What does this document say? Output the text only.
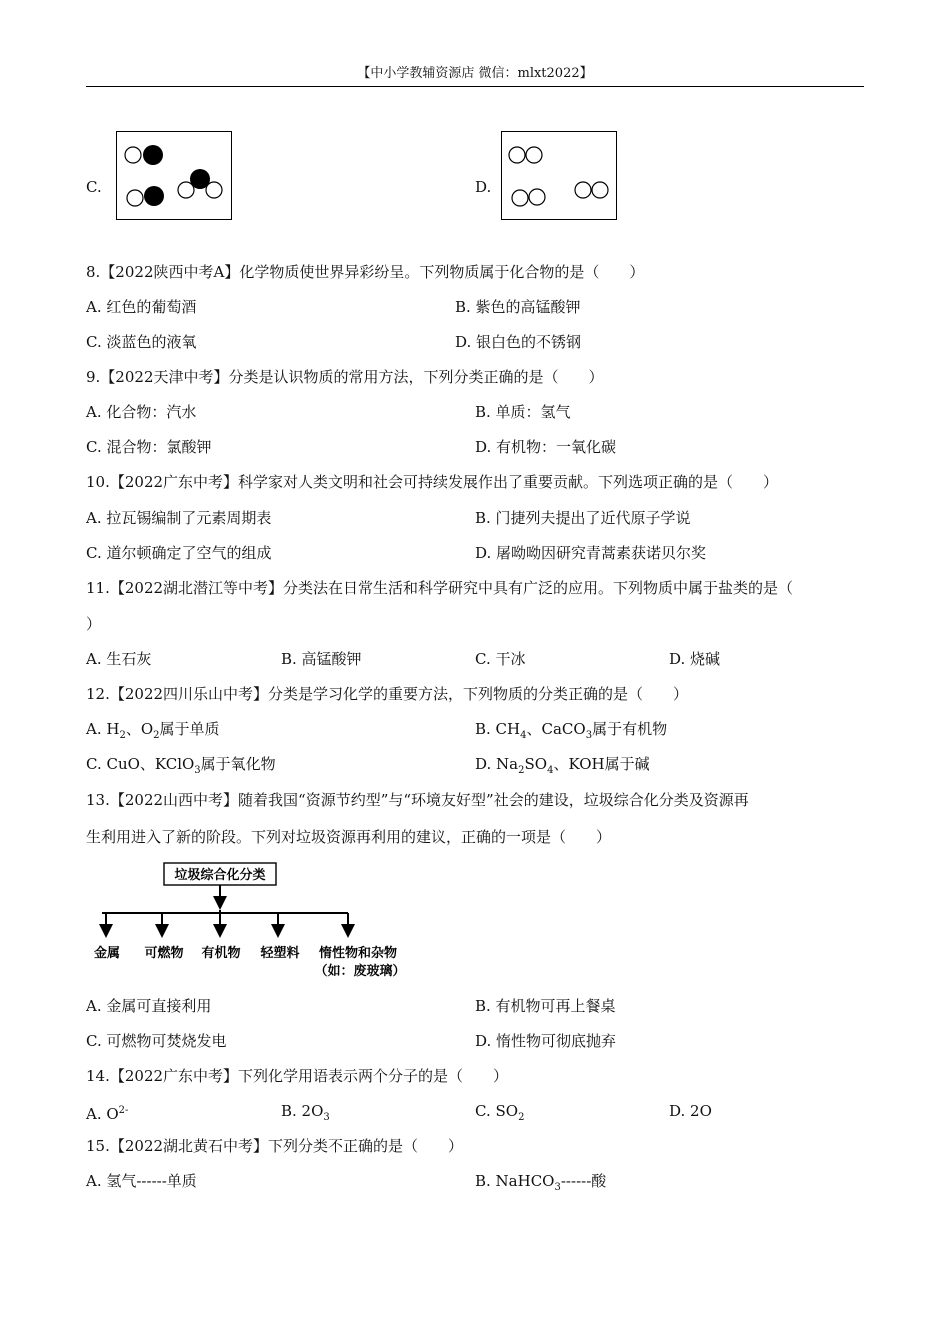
【中小学教辅资源店 微信：mlxt2022】
C.	D.
8.【2022陕西中考A】化学物质使世界异彩纷呈。下列物质属于化合物的是（　　）
A. 红色的葡萄酒	B. 紫色的高锰酸钾
C. 淡蓝色的液氧	D. 银白色的不锈钢
9.【2022天津中考】分类是认识物质的常用方法，下列分类正确的是（　　）
A. 化合物：汽水	B. 单质：氢气
C. 混合物：氯酸钾	D. 有机物：一氧化碳
10.【2022广东中考】科学家对人类文明和社会可持续发展作出了重要贡献。下列选项正确的是（　　）
A. 拉瓦锡编制了元素周期表	B. 门捷列夫提出了近代原子学说
C. 道尔顿确定了空气的组成	D. 屠呦呦因研究青蒿素获诺贝尔奖
11.【2022湖北潜江等中考】分类法在日常生活和科学研究中具有广泛的应用。下列物质中属于盐类的是（
）
A. 生石灰	B. 高锰酸钾	C. 干冰	D. 烧碱
12.【2022四川乐山中考】分类是学习化学的重要方法，下列物质的分类正确的是（　　）
A. $H_2$、$O_2$属于单质	B. $CH_4$、CaCO$_3$属于有机物
C. CuO、KClO$_3$属于氧化物	D. $Na_2SO_4$、KOH属于碱
13.【2022山西中考】随着我国“资源节约型”与“环境友好型”社会的建设，垃圾综合化分类及资源再
生利用进入了新的阶段。下列对垃圾资源再利用的建议，正确的一项是（　　）
垃圾综合化分类
金属 可燃物 有机物 轻塑料 惰性物和杂物
（如：废玻璃）
A. 金属可直接利用	B. 有机物可再上餐桌
C. 可燃物可焚烧发电	D. 惰性物可彻底抛弃
14.【2022广东中考】下列化学用语表示两个分子的是（　　）
A. $O^{2-}$	B. $2O_3$	C. $SO_2$	D. 2O
15.【2022湖北黄石中考】下列分类不正确的是（　　）
A. 氢气------单质	B. NaHCO$_3$------酸
